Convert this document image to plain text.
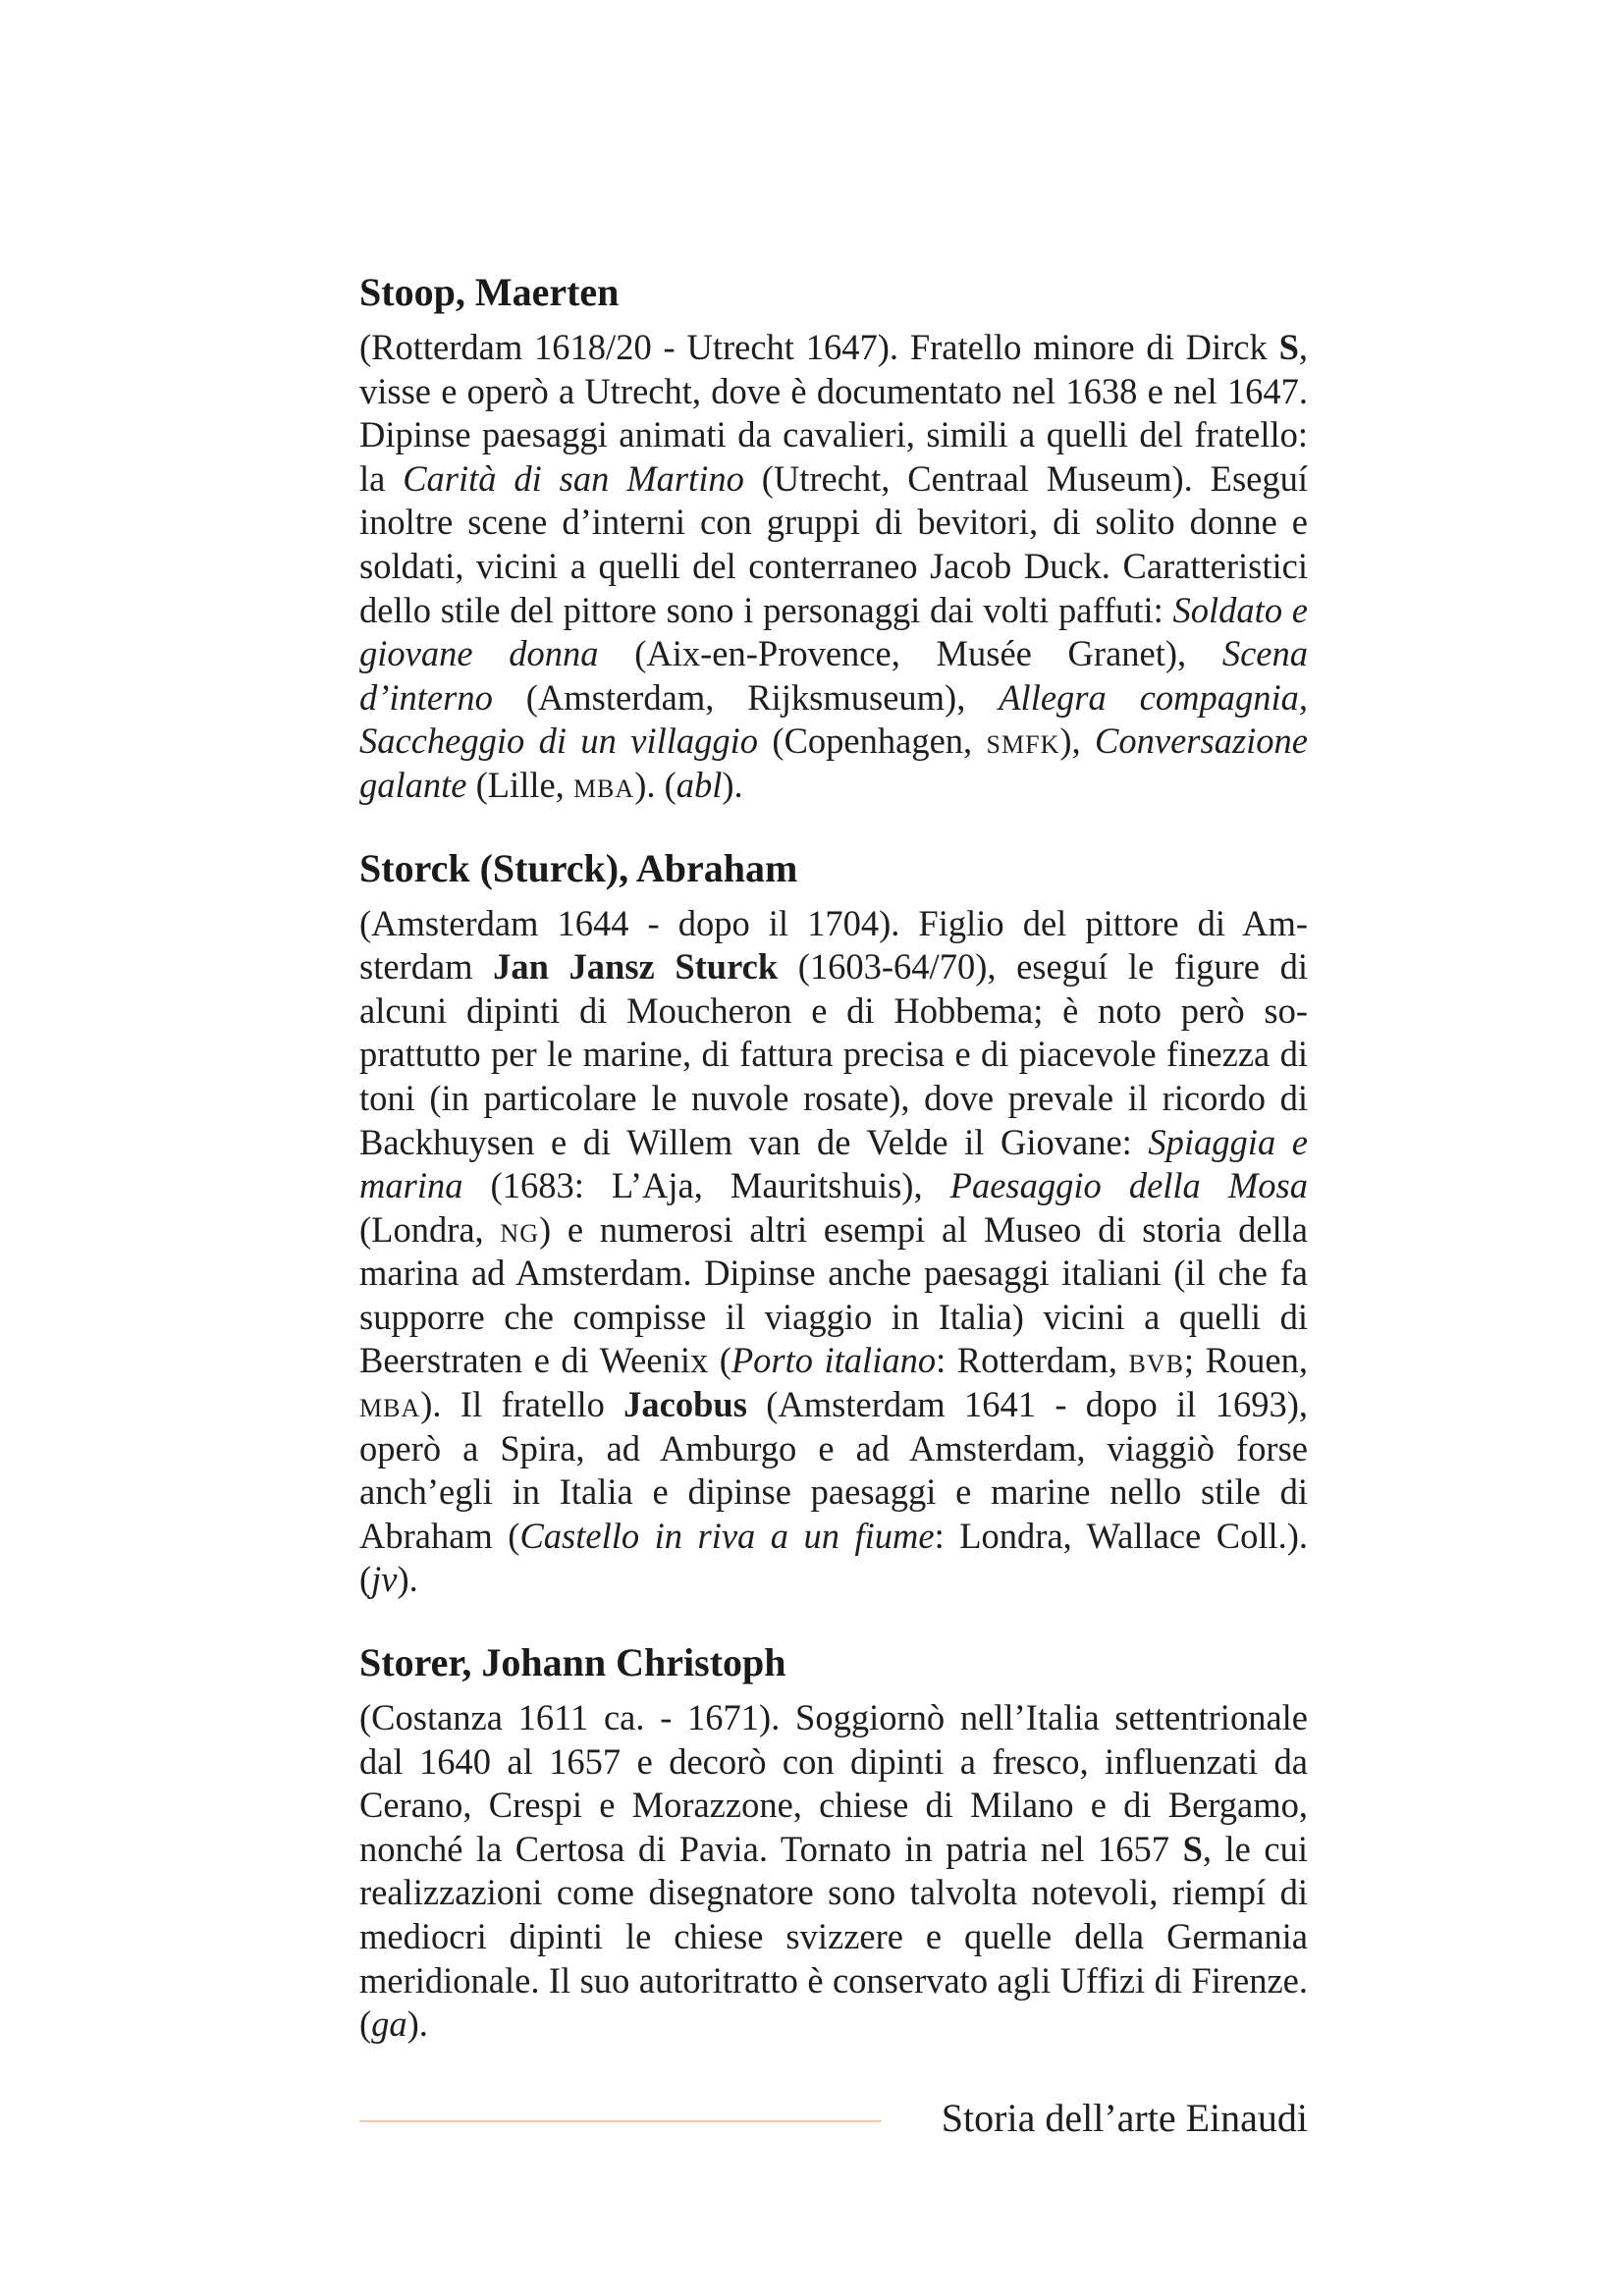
Stoop, Maerten

(Rotterdam 1618/20 - Utrecht 1647). Fratello minore di Dirck S, visse e operò a Utrecht, dove è documentato nel 1638 e nel 1647. Dipinse paesaggi animati da cavalieri, simili a quelli del fratello: la Carità di san Martino (Utrecht, Centraal Museum). Eseguí inoltre scene d’interni con gruppi di bevitori, di solito donne e soldati, vicini a quelli del conterraneo Jacob Duck. Caratteristici dello stile del pittore sono i personaggi dai volti paffuti: Soldato e giovane donna (Aix-en-Provence, Musée Granet), Scena d’interno (Amsterdam, Rijksmuseum), Allegra compagnia, Saccheggio di un villaggio (Copenhagen, smfk), Conversazione galante (Lille, mba). (abl).

Storck (Sturck), Abraham

(Amsterdam 1644 - dopo il 1704). Figlio del pittore di Amsterdam Jan Jansz Sturck (1603-64/70), eseguí le figure di alcuni dipinti di Moucheron e di Hobbema; è noto però soprattutto per le marine, di fattura precisa e di piacevole finezza di toni (in particolare le nuvole rosate), dove prevale il ricordo di Backhuysen e di Willem van de Velde il Giovane: Spiaggia e marina (1683: L’Aja, Mauritshuis), Paesaggio della Mosa (Londra, ng) e numerosi altri esempi al Museo di storia della marina ad Amsterdam. Dipinse anche paesaggi italiani (il che fa supporre che compisse il viaggio in Italia) vicini a quelli di Beerstraten e di Weenix (Porto italiano: Rotterdam, bvb; Rouen, mba). Il fratello Jacobus (Amsterdam 1641 - dopo il 1693), operò a Spira, ad Amburgo e ad Amsterdam, viaggiò forse anch’egli in Italia e dipinse paesaggi e marine nello stile di Abraham (Castello in riva a un fiume: Londra, Wallace Coll.). (jv).

Storer, Johann Christoph

(Costanza 1611 ca. - 1671). Soggiornò nell’Italia settentrionale dal 1640 al 1657 e decorò con dipinti a fresco, influenzati da Cerano, Crespi e Morazzone, chiese di Milano e di Bergamo, nonché la Certosa di Pavia. Tornato in patria nel 1657 S, le cui realizzazioni come disegnatore sono talvolta notevoli, riempí di mediocri dipinti le chiese svizzere e quelle della Germania meridionale. Il suo autoritratto è conservato agli Uffizi di Firenze. (ga).

Storia dell’arte Einaudi
